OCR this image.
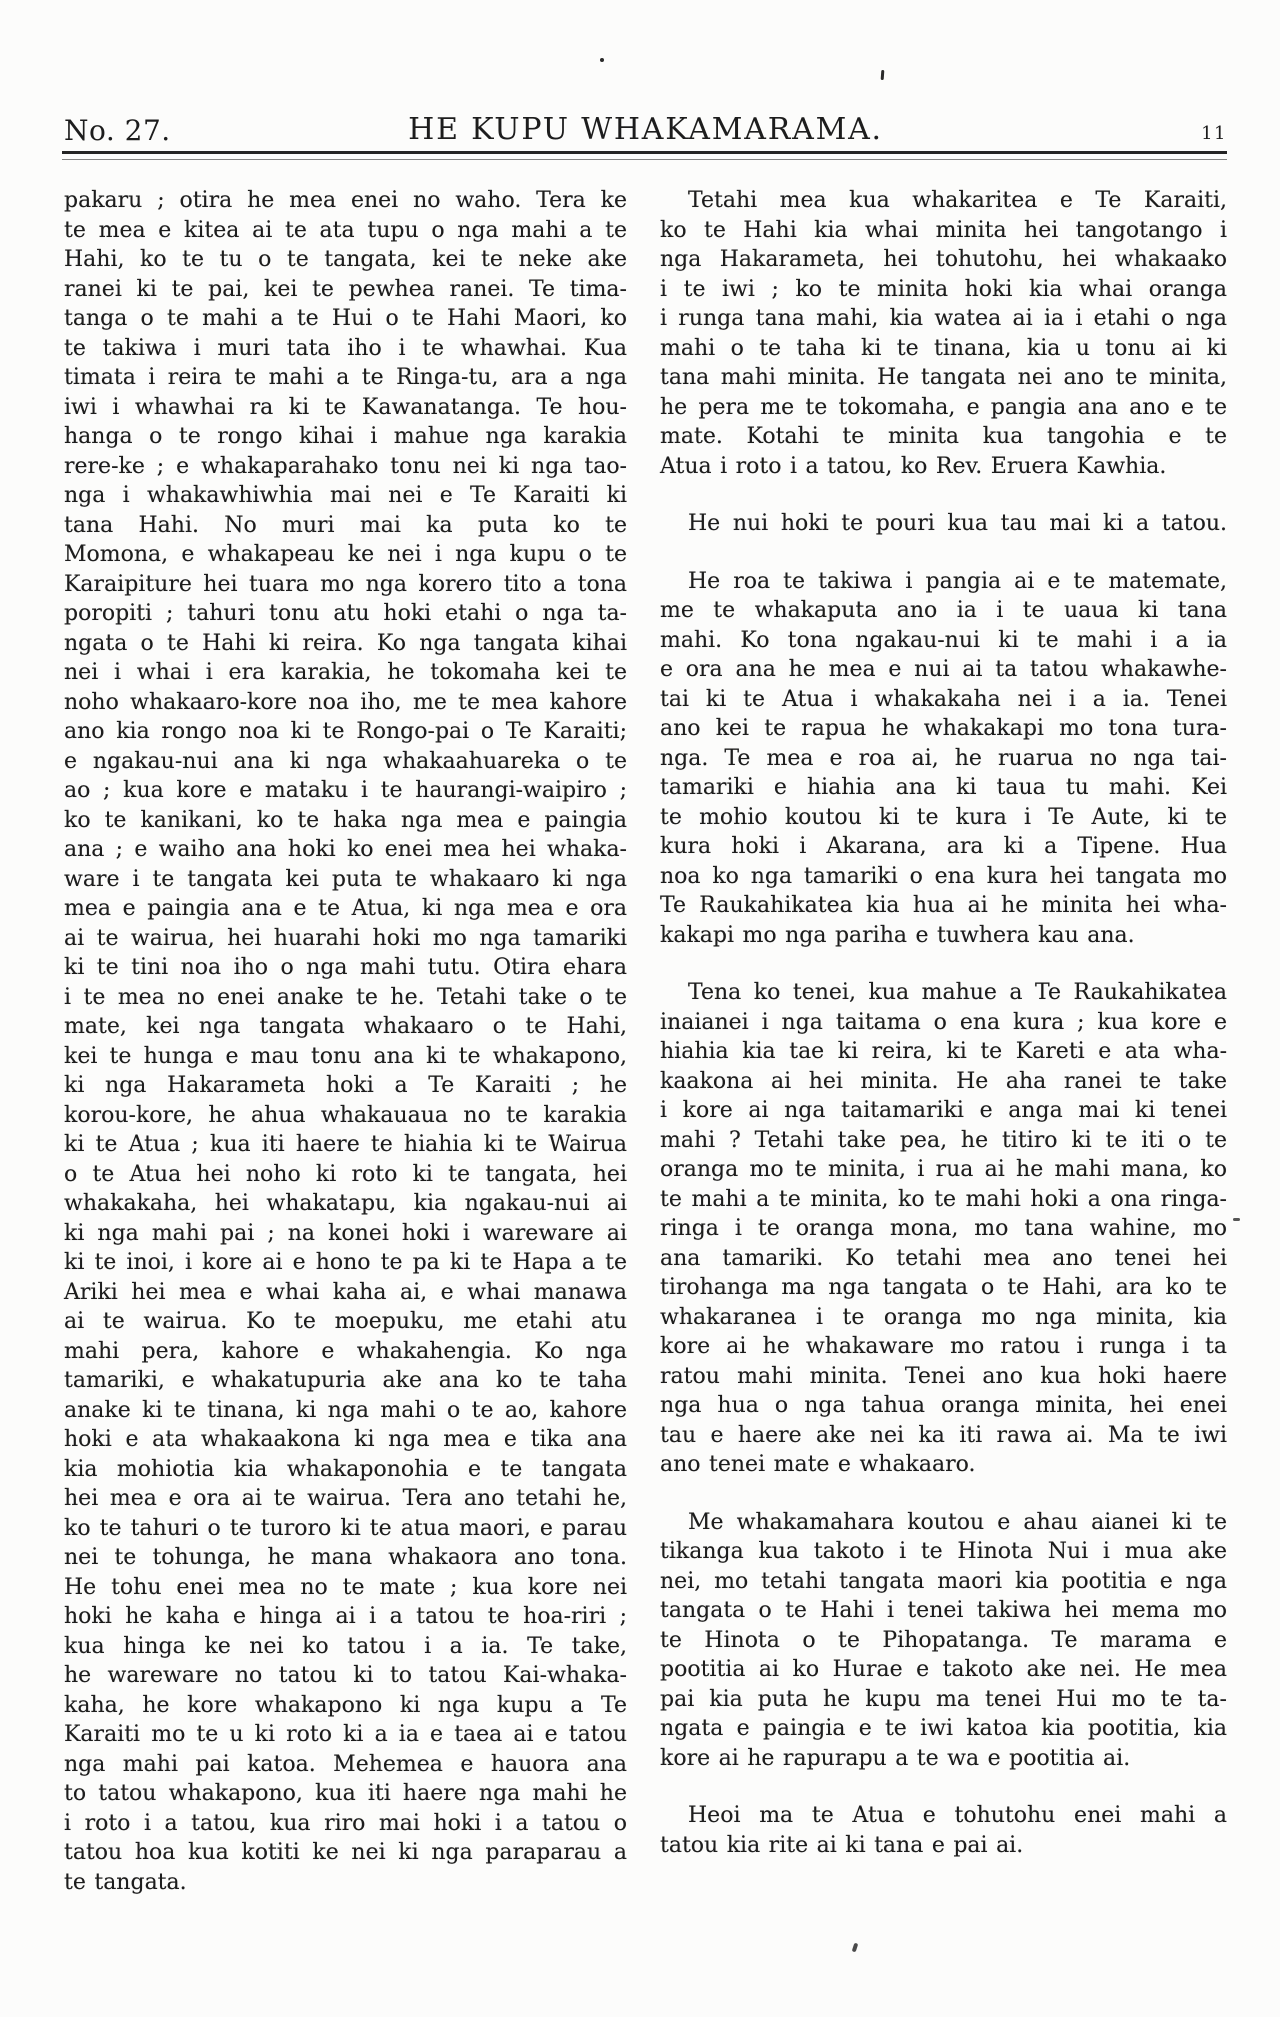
No. 27.	HE KUPU WHAKAMARAMA.	11
pakaru ; otira he mea enei no waho. Tera ke
te mea e kitea ai te ata tupu o nga mahi a te
Hahi, ko te tu o te tangata, kei te neke ake
ranei ki te pai, kei te pewhea ranei. Te tima-
tanga o te mahi a te Hui o te Hahi Maori, ko
te takiwa i muri tata iho i te whawhai. Kua
timata i reira te mahi a te Ringa-tu, ara a nga
iwi i whawhai ra ki te Kawanatanga. Te hou-
hanga o te rongo kihai i mahue nga karakia
rere-ke ; e whakaparahako tonu nei ki nga tao-
nga i whakawhiwhia mai nei e Te Karaiti ki
tana Hahi. No muri mai ka puta ko te
Momona, e whakapeau ke nei i nga kupu o te
Karaipiture hei tuara mo nga korero tito a tona
poropiti ; tahuri tonu atu hoki etahi o nga ta-
ngata o te Hahi ki reira. Ko nga tangata kihai
nei i whai i era karakia, he tokomaha kei te
noho whakaaro-kore noa iho, me te mea kahore
ano kia rongo noa ki te Rongo-pai o Te Karaiti;
e ngakau-nui ana ki nga whakaahuareka o te
ao ; kua kore e mataku i te haurangi-waipiro ;
ko te kanikani, ko te haka nga mea e paingia
ana ; e waiho ana hoki ko enei mea hei whaka-
ware i te tangata kei puta te whakaaro ki nga
mea e paingia ana e te Atua, ki nga mea e ora
ai te wairua, hei huarahi hoki mo nga tamariki
ki te tini noa iho o nga mahi tutu. Otira ehara
i te mea no enei anake te he. Tetahi take o te
mate, kei nga tangata whakaaro o te Hahi,
kei te hunga e mau tonu ana ki te whakapono,
ki nga Hakarameta hoki a Te Karaiti ; he
korou-kore, he ahua whakauaua no te karakia
ki te Atua ; kua iti haere te hiahia ki te Wairua
o te Atua hei noho ki roto ki te tangata, hei
whakakaha, hei whakatapu, kia ngakau-nui ai
ki nga mahi pai ; na konei hoki i wareware ai
ki te inoi, i kore ai e hono te pa ki te Hapa a te
Ariki hei mea e whai kaha ai, e whai manawa
ai te wairua. Ko te moepuku, me etahi atu
mahi pera, kahore e whakahengia. Ko nga
tamariki, e whakatupuria ake ana ko te taha
anake ki te tinana, ki nga mahi o te ao, kahore
hoki e ata whakaakona ki nga mea e tika ana
kia mohiotia kia whakaponohia e te tangata
hei mea e ora ai te wairua. Tera ano tetahi he,
ko te tahuri o te turoro ki te atua maori, e parau
nei te tohunga, he mana whakaora ano tona.
He tohu enei mea no te mate ; kua kore nei
hoki he kaha e hinga ai i a tatou te hoa-riri ;
kua hinga ke nei ko tatou i a ia. Te take,
he wareware no tatou ki to tatou Kai-whaka-
kaha, he kore whakapono ki nga kupu a Te
Karaiti mo te u ki roto ki a ia e taea ai e tatou
nga mahi pai katoa. Mehemea e hauora ana
to tatou whakapono, kua iti haere nga mahi he
i roto i a tatou, kua riro mai hoki i a tatou o
tatou hoa kua kotiti ke nei ki nga paraparau a
te tangata.
Tetahi mea kua whakaritea e Te Karaiti,
ko te Hahi kia whai minita hei tangotango i
nga Hakarameta, hei tohutohu, hei whakaako
i te iwi ; ko te minita hoki kia whai oranga
i runga tana mahi, kia watea ai ia i etahi o nga
mahi o te taha ki te tinana, kia u tonu ai ki
tana mahi minita. He tangata nei ano te minita,
he pera me te tokomaha, e pangia ana ano e te
mate. Kotahi te minita kua tangohia e te
Atua i roto i a tatou, ko Rev. Eruera Kawhia.
He nui hoki te pouri kua tau mai ki a tatou.
He roa te takiwa i pangia ai e te matemate,
me te whakaputa ano ia i te uaua ki tana
mahi. Ko tona ngakau-nui ki te mahi i a ia
e ora ana he mea e nui ai ta tatou whakawhe-
tai ki te Atua i whakakaha nei i a ia. Tenei
ano kei te rapua he whakakapi mo tona tura-
nga. Te mea e roa ai, he ruarua no nga tai-
tamariki e hiahia ana ki taua tu mahi. Kei
te mohio koutou ki te kura i Te Aute, ki te
kura hoki i Akarana, ara ki a Tipene. Hua
noa ko nga tamariki o ena kura hei tangata mo
Te Raukahikatea kia hua ai he minita hei wha-
kakapi mo nga pariha e tuwhera kau ana.
Tena ko tenei, kua mahue a Te Raukahikatea
inaianei i nga taitama o ena kura ; kua kore e
hiahia kia tae ki reira, ki te Kareti e ata wha-
kaakona ai hei minita. He aha ranei te take
i kore ai nga taitamariki e anga mai ki tenei
mahi ? Tetahi take pea, he titiro ki te iti o te
oranga mo te minita, i rua ai he mahi mana, ko
te mahi a te minita, ko te mahi hoki a ona ringa-
ringa i te oranga mona, mo tana wahine, mo
ana tamariki. Ko tetahi mea ano tenei hei
tirohanga ma nga tangata o te Hahi, ara ko te
whakaranea i te oranga mo nga minita, kia
kore ai he whakaware mo ratou i runga i ta
ratou mahi minita. Tenei ano kua hoki haere
nga hua o nga tahua oranga minita, hei enei
tau e haere ake nei ka iti rawa ai. Ma te iwi
ano tenei mate e whakaaro.
Me whakamahara koutou e ahau aianei ki te
tikanga kua takoto i te Hinota Nui i mua ake
nei, mo tetahi tangata maori kia pootitia e nga
tangata o te Hahi i tenei takiwa hei mema mo
te Hinota o te Pihopatanga. Te marama e
pootitia ai ko Hurae e takoto ake nei. He mea
pai kia puta he kupu ma tenei Hui mo te ta-
ngata e paingia e te iwi katoa kia pootitia, kia
kore ai he rapurapu a te wa e pootitia ai.
Heoi ma te Atua e tohutohu enei mahi a
tatou kia rite ai ki tana e pai ai.
